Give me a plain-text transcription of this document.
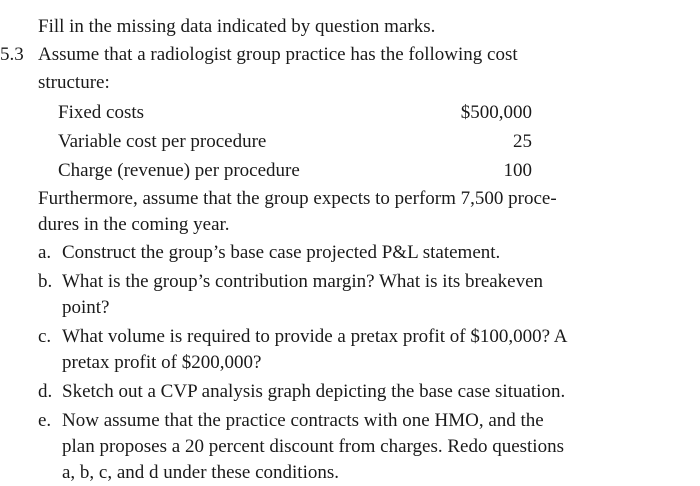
Fill in the missing data indicated by question marks.
5.3 Assume that a radiologist group practice has the following cost
structure:
Fixed costs	$500,000
Variable cost per procedure	25
Charge (revenue) per procedure	100
Furthermore, assume that the group expects to perform 7,500 proce-
dures in the coming year.
a. Construct the group’s base case projected P&L statement.
b. What is the group’s contribution margin? What is its breakeven
point?
c. What volume is required to provide a pretax profit of $100,000? A
pretax profit of $200,000?
d. Sketch out a CVP analysis graph depicting the base case situation.
e. Now assume that the practice contracts with one HMO, and the
plan proposes a 20 percent discount from charges. Redo questions
a, b, c, and d under these conditions.
